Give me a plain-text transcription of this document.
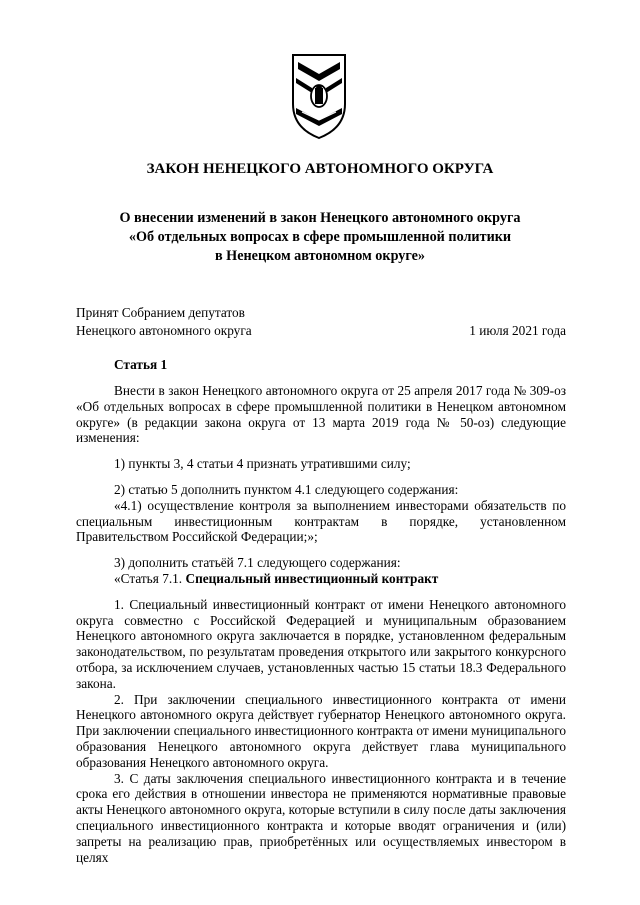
ЗАКОН НЕНЕЦКОГО АВТОНОМНОГО ОКРУГА
О внесении изменений в закон Ненецкого автономного округа
«Об отдельных вопросах в сфере промышленной политики
в Ненецком автономном округе»
Принят Собранием депутатов
Ненецкого автономного округа	1 июля 2021 года
Статья 1

Внести в закон Ненецкого автономного округа от 25 апреля 2017 года № 309-оз «Об отдельных вопросах в сфере промышленной политики в Ненецком автономном округе» (в редакции закона округа от 13 марта 2019 года № 50-оз) следующие изменения:

1) пункты 3, 4 статьи 4 признать утратившими силу;

2) статью 5 дополнить пунктом 4.1 следующего содержания:

«4.1) осуществление контроля за выполнением инвесторами обязательств по специальным инвестиционным контрактам в порядке, установленном Правительством Российской Федерации;»;

3) дополнить статьёй 7.1 следующего содержания:

«Статья 7.1. Специальный инвестиционный контракт

1. Специальный инвестиционный контракт от имени Ненецкого автономного округа совместно с Российской Федерацией и муниципальным образованием Ненецкого автономного округа заключается в порядке, установленном федеральным законодательством, по результатам проведения открытого или закрытого конкурсного отбора, за исключением случаев, установленных частью 15 статьи 18.3 Федерального закона.

2. При заключении специального инвестиционного контракта от имени Ненецкого автономного округа действует губернатор Ненецкого автономного округа. При заключении специального инвестиционного контракта от имени муниципального образования Ненецкого автономного округа действует глава муниципального образования Ненецкого автономного округа.

3. С даты заключения специального инвестиционного контракта и в течение срока его действия в отношении инвестора не применяются нормативные правовые акты Ненецкого автономного округа, которые вступили в силу после даты заключения специального инвестиционного контракта и которые вводят ограничения и (или) запреты на реализацию прав, приобретённых или осуществляемых инвестором в целях
